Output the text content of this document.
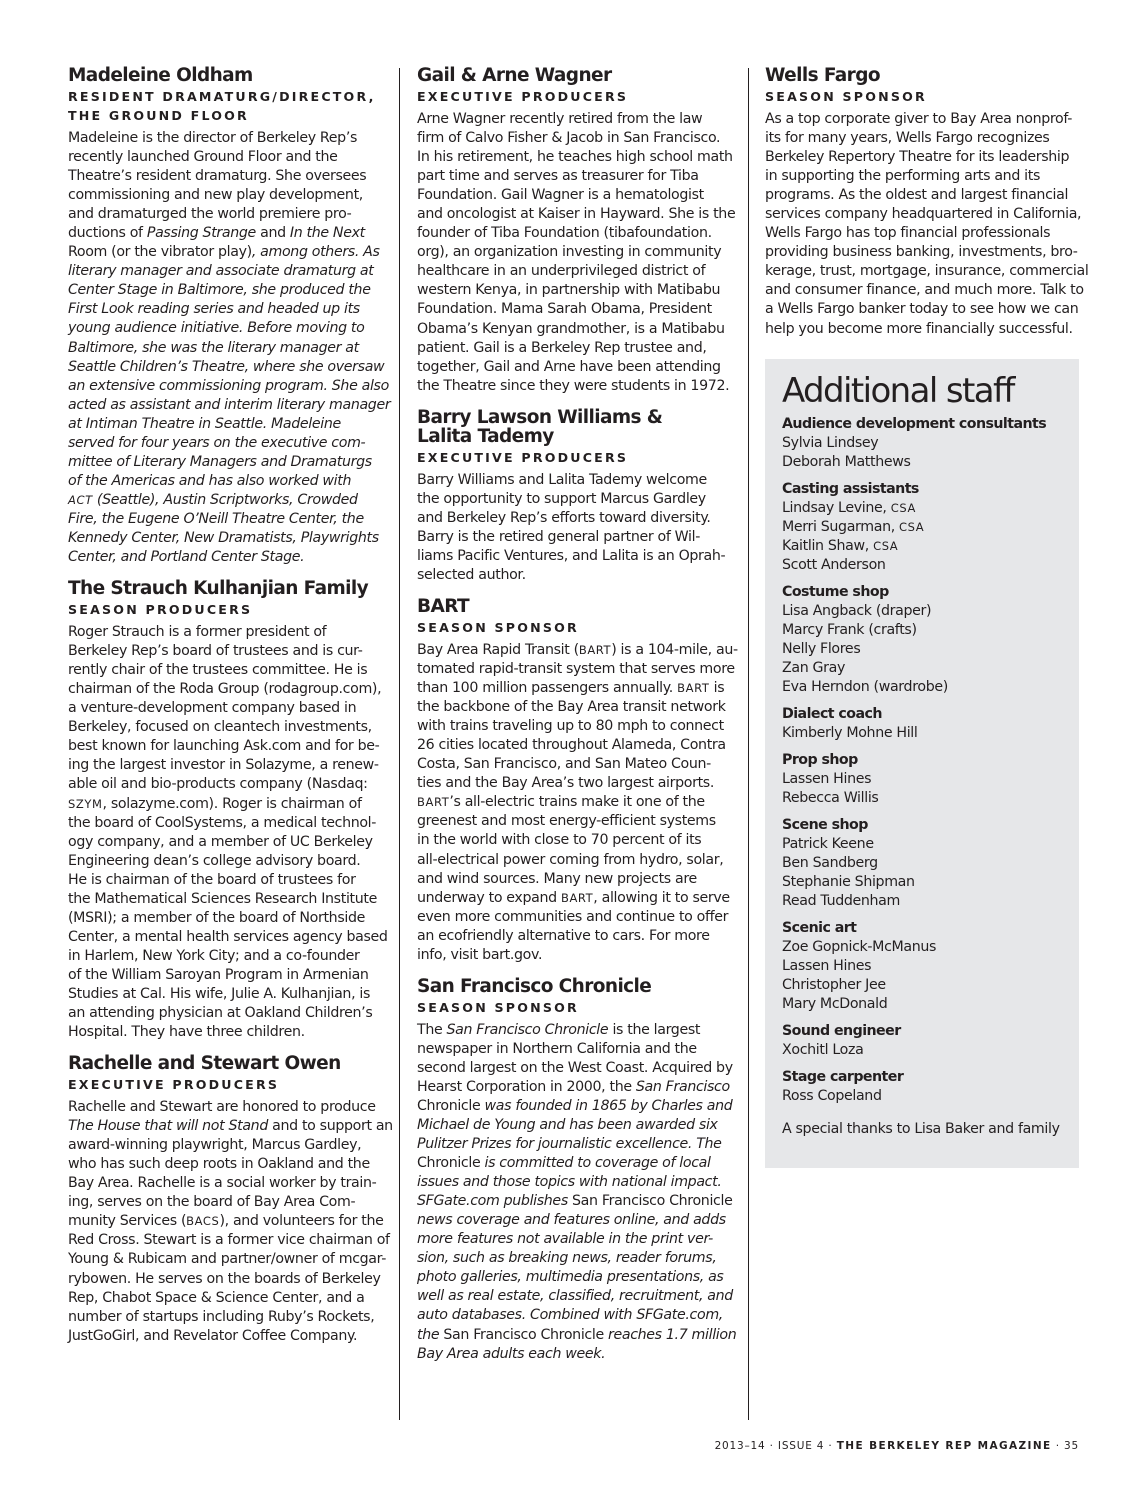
Madeleine Oldham
RESIDENT DRAMATURG/DIRECTOR,
THE GROUND FLOOR

Madeleine is the director of Berkeley Rep’s
recently launched Ground Floor and the
Theatre’s resident dramaturg. She oversees
commissioning and new play development,
and dramaturged the world premiere pro-
ductions of Passing Strange and In the Next
Room (or the vibrator play), among others. As
literary manager and associate dramaturg at
Center Stage in Baltimore, she produced the
First Look reading series and headed up its
young audience initiative. Before moving to
Baltimore, she was the literary manager at
Seattle Children’s Theatre, where she oversaw
an extensive commissioning program. She also
acted as assistant and interim literary manager
at Intiman Theatre in Seattle. Madeleine
served for four years on the executive com-
mittee of Literary Managers and Dramaturgs
of the Americas and has also worked with
ACT (Seattle), Austin Scriptworks, Crowded
Fire, the Eugene O’Neill Theatre Center, the
Kennedy Center, New Dramatists, Playwrights
Center, and Portland Center Stage.

The Strauch Kulhanjian Family
SEASON PRODUCERS

Roger Strauch is a former president of
Berkeley Rep’s board of trustees and is cur-
rently chair of the trustees committee. He is
chairman of the Roda Group (rodagroup.com),
a venture-development company based in
Berkeley, focused on cleantech investments,
best known for launching Ask.com and for be-
ing the largest investor in Solazyme, a renew-
able oil and bio-products company (Nasdaq:
SZYM, solazyme.com). Roger is chairman of
the board of CoolSystems, a medical technol-
ogy company, and a member of UC Berkeley
Engineering dean’s college advisory board.
He is chairman of the board of trustees for
the Mathematical Sciences Research Institute
(MSRI); a member of the board of Northside
Center, a mental health services agency based
in Harlem, New York City; and a co-founder
of the William Saroyan Program in Armenian
Studies at Cal. His wife, Julie A. Kulhanjian, is
an attending physician at Oakland Children’s
Hospital. They have three children.

Rachelle and Stewart Owen
EXECUTIVE PRODUCERS

Rachelle and Stewart are honored to produce
The House that will not Stand and to support an
award-winning playwright, Marcus Gardley,
who has such deep roots in Oakland and the
Bay Area. Rachelle is a social worker by train-
ing, serves on the board of Bay Area Com-
munity Services (BACS), and volunteers for the
Red Cross. Stewart is a former vice chairman of
Young & Rubicam and partner/owner of mcgar-
rybowen. He serves on the boards of Berkeley
Rep, Chabot Space & Science Center, and a
number of startups including Ruby’s Rockets,
JustGoGirl, and Revelator Coffee Company.

Gail & Arne Wagner
EXECUTIVE PRODUCERS

Arne Wagner recently retired from the law
firm of Calvo Fisher & Jacob in San Francisco.
In his retirement, he teaches high school math
part time and serves as treasurer for Tiba
Foundation. Gail Wagner is a hematologist
and oncologist at Kaiser in Hayward. She is the
founder of Tiba Foundation (tibafoundation.
org), an organization investing in community
healthcare in an underprivileged district of
western Kenya, in partnership with Matibabu
Foundation. Mama Sarah Obama, President
Obama’s Kenyan grandmother, is a Matibabu
patient. Gail is a Berkeley Rep trustee and,
together, Gail and Arne have been attending
the Theatre since they were students in 1972.

Barry Lawson Williams &
Lalita Tademy
EXECUTIVE PRODUCERS

Barry Williams and Lalita Tademy welcome
the opportunity to support Marcus Gardley
and Berkeley Rep’s efforts toward diversity.
Barry is the retired general partner of Wil-
liams Pacific Ventures, and Lalita is an Oprah-
selected author.

BART
SEASON SPONSOR

Bay Area Rapid Transit (BART) is a 104-mile, au-
tomated rapid-transit system that serves more
than 100 million passengers annually. BART is
the backbone of the Bay Area transit network
with trains traveling up to 80 mph to connect
26 cities located throughout Alameda, Contra
Costa, San Francisco, and San Mateo Coun-
ties and the Bay Area’s two largest airports.
BART’s all-electric trains make it one of the
greenest and most energy-efficient systems
in the world with close to 70 percent of its
all-electrical power coming from hydro, solar,
and wind sources. Many new projects are
underway to expand BART, allowing it to serve
even more communities and continue to offer
an ecofriendly alternative to cars. For more
info, visit bart.gov.

San Francisco Chronicle
SEASON SPONSOR

The San Francisco Chronicle is the largest
newspaper in Northern California and the
second largest on the West Coast. Acquired by
Hearst Corporation in 2000, the San Francisco
Chronicle was founded in 1865 by Charles and
Michael de Young and has been awarded six
Pulitzer Prizes for journalistic excellence. The
Chronicle is committed to coverage of local
issues and those topics with national impact.
SFGate.com publishes San Francisco Chronicle
news coverage and features online, and adds
more features not available in the print ver-
sion, such as breaking news, reader forums,
photo galleries, multimedia presentations, as
well as real estate, classified, recruitment, and
auto databases. Combined with SFGate.com,
the San Francisco Chronicle reaches 1.7 million
Bay Area adults each week.

Wells Fargo
SEASON SPONSOR

As a top corporate giver to Bay Area nonprof-
its for many years, Wells Fargo recognizes
Berkeley Repertory Theatre for its leadership
in supporting the performing arts and its
programs. As the oldest and largest financial
services company headquartered in California,
Wells Fargo has top financial professionals
providing business banking, investments, bro-
kerage, trust, mortgage, insurance, commercial
and consumer finance, and much more. Talk to
a Wells Fargo banker today to see how we can
help you become more financially successful.

Additional staff
Audience development consultants
Sylvia Lindsey
Deborah Matthews
Casting assistants
Lindsay Levine, CSA
Merri Sugarman, CSA
Kaitlin Shaw, CSA
Scott Anderson
Costume shop
Lisa Angback (draper)
Marcy Frank (crafts)
Nelly Flores
Zan Gray
Eva Herndon (wardrobe)
Dialect coach
Kimberly Mohne Hill
Prop shop
Lassen Hines
Rebecca Willis
Scene shop
Patrick Keene
Ben Sandberg
Stephanie Shipman
Read Tuddenham
Scenic art
Zoe Gopnick-McManus
Lassen Hines
Christopher Jee
Mary McDonald
Sound engineer
Xochitl Loza
Stage carpenter
Ross Copeland
A special thanks to Lisa Baker and family
2013–14 · ISSUE 4 · THE BERKELEY REP MAGAZINE · 35
